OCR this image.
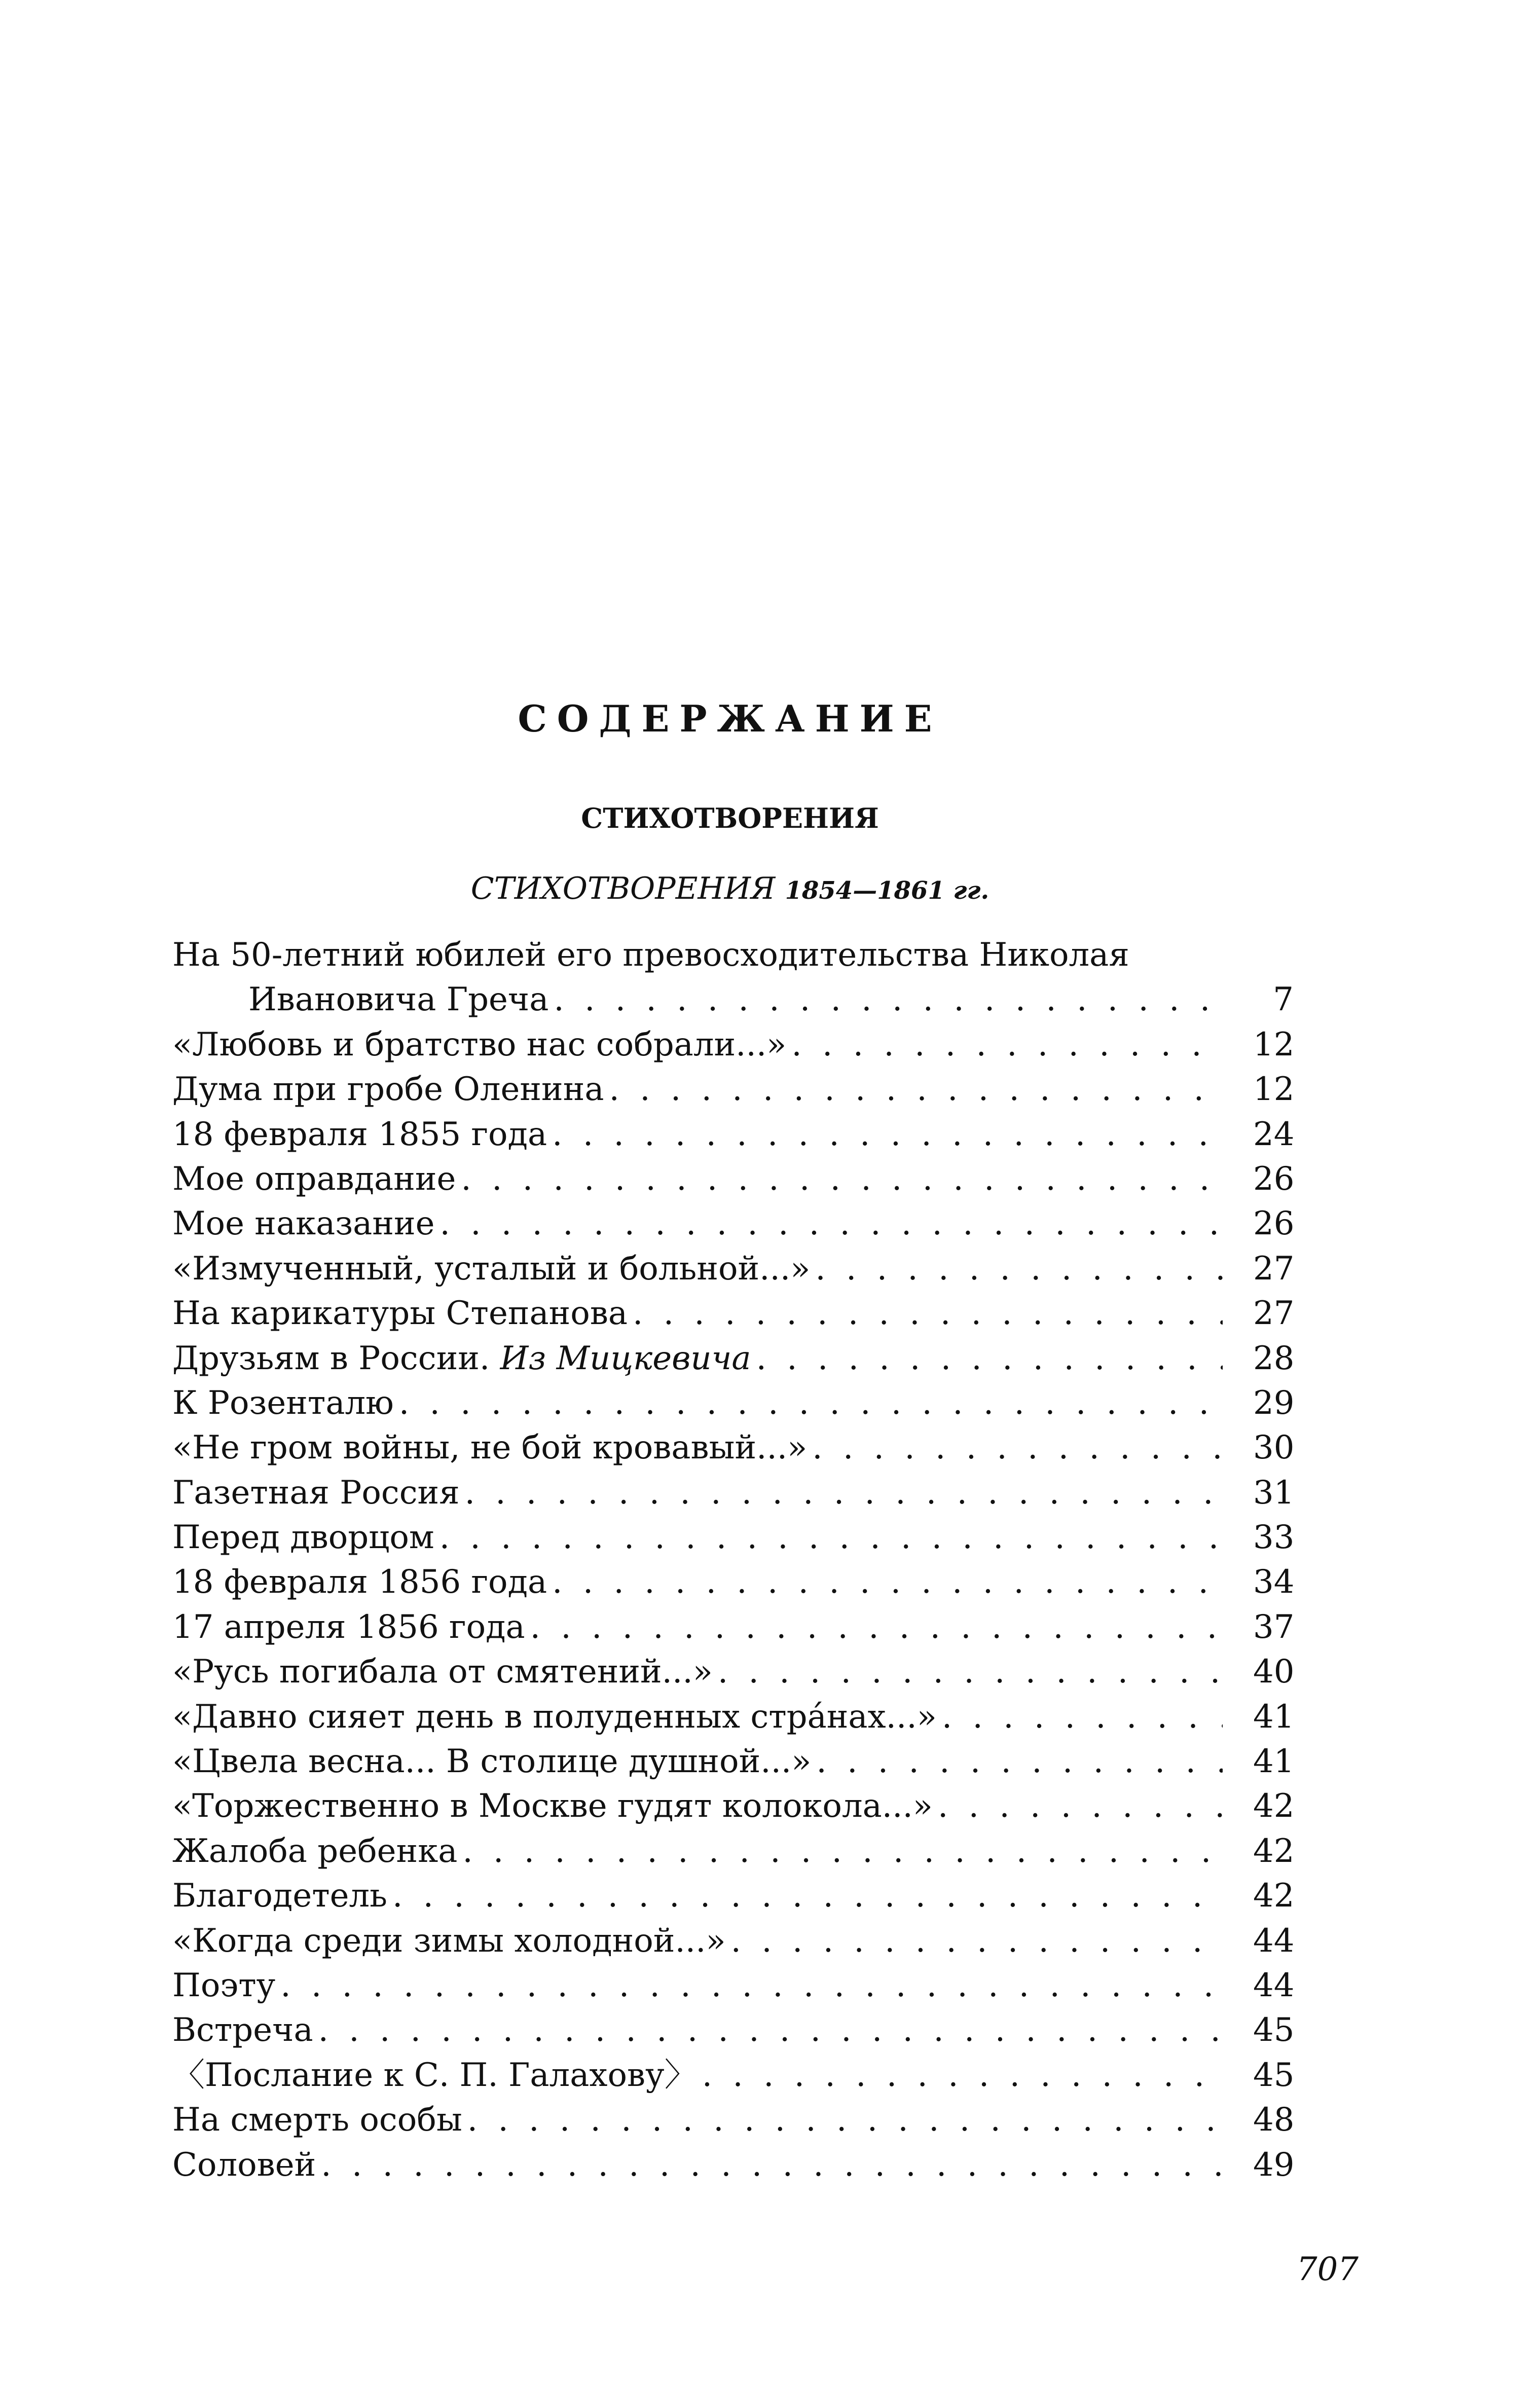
СОДЕРЖАНИЕ
СТИХОТВОРЕНИЯ
СТИХОТВОРЕНИЯ 1854—1861 гг.
На 50-летний юбилей его превосходительства Николая
Ивановича Греча . . .	7
«Любовь и братство нас собрали...» . . .	12
Дума при гробе Оленина . . .	12
18 февраля 1855 года . . .	24
Мое оправдание . . .	26
Мое наказание . . .	26
«Измученный, усталый и больной...» . . .	27
На карикатуры Степанова . . .	27
Друзьям в России. Из Мицкевича . . .	28
К Розенталю . . .	29
«Не гром войны, не бой кровавый...» . . .	30
Газетная Россия . . .	31
Перед дворцом . . .	33
18 февраля 1856 года . . .	34
17 апреля 1856 года . . .	37
«Русь погибала от смятений...» . . .	40
«Давно сияет день в полуденных стра́нах...» . . .	41
«Цвела весна... В столице душной...» . . .	41
«Торжественно в Москве гудят колокола...» . . .	42
Жалоба ребенка . . .	42
Благодетель . . .	42
«Когда среди зимы холодной...» . . .	44
Поэту . . .	44
Встреча . . .	45
〈Послание к С. П. Галахову〉 . . .	45
На смерть особы . . .	48
Соловей . . .	49
707
